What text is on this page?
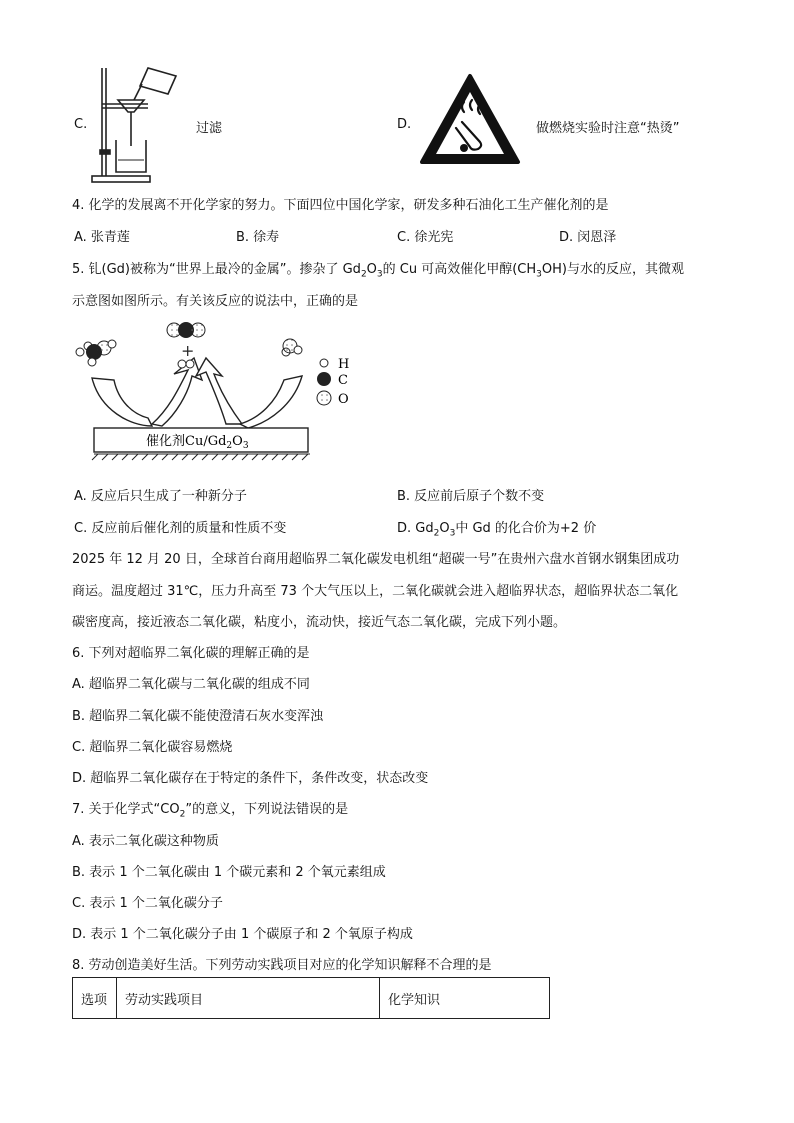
C.	过滤	D.	做燃烧实验时注意“热烫”
4. 化学的发展离不开化学家的努力。下面四位中国化学家，研发多种石油化工生产催化剂的是
A. 张青莲	B. 徐寿	C. 徐光宪	D. 闵恩泽
5. 钆(Gd)被称为“世界上最冷的金属”。掺杂了 $Gd_2O_3$的 Cu 可高效催化甲醇$(CH_3OH)$与水的反应，其微观
示意图如图所示。有关该反应的说法中，正确的是
+
H
C
O
催化剂$Cu/Gd_2O_3$
A. 反应后只生成了一种新分子	B. 反应前后原子个数不变
C. 反应前后催化剂的质量和性质不变	D. $Gd_2O_3$中 Gd 的化合价为+2 价
2025 年 12 月 20 日，全球首台商用超临界二氧化碳发电机组“超碳一号”在贵州六盘水首钢水钢集团成功
商运。温度超过 31℃，压力升高至 73 个大气压以上，二氧化碳就会进入超临界状态，超临界状态二氧化
碳密度高，接近液态二氧化碳，粘度小，流动快，接近气态二氧化碳，完成下列小题。
6. 下列对超临界二氧化碳的理解正确的是
A. 超临界二氧化碳与二氧化碳的组成不同
B. 超临界二氧化碳不能使澄清石灰水变浑浊
C. 超临界二氧化碳容易燃烧
D. 超临界二氧化碳存在于特定的条件下，条件改变，状态改变
7. 关于化学式“$CO_2$”的意义，下列说法错误的是
A. 表示二氧化碳这种物质
B. 表示 1 个二氧化碳由 1 个碳元素和 2 个氧元素组成
C. 表示 1 个二氧化碳分子
D. 表示 1 个二氧化碳分子由 1 个碳原子和 2 个氧原子构成
8. 劳动创造美好生活。下列劳动实践项目对应的化学知识解释不合理的是
选项	劳动实践项目	化学知识
